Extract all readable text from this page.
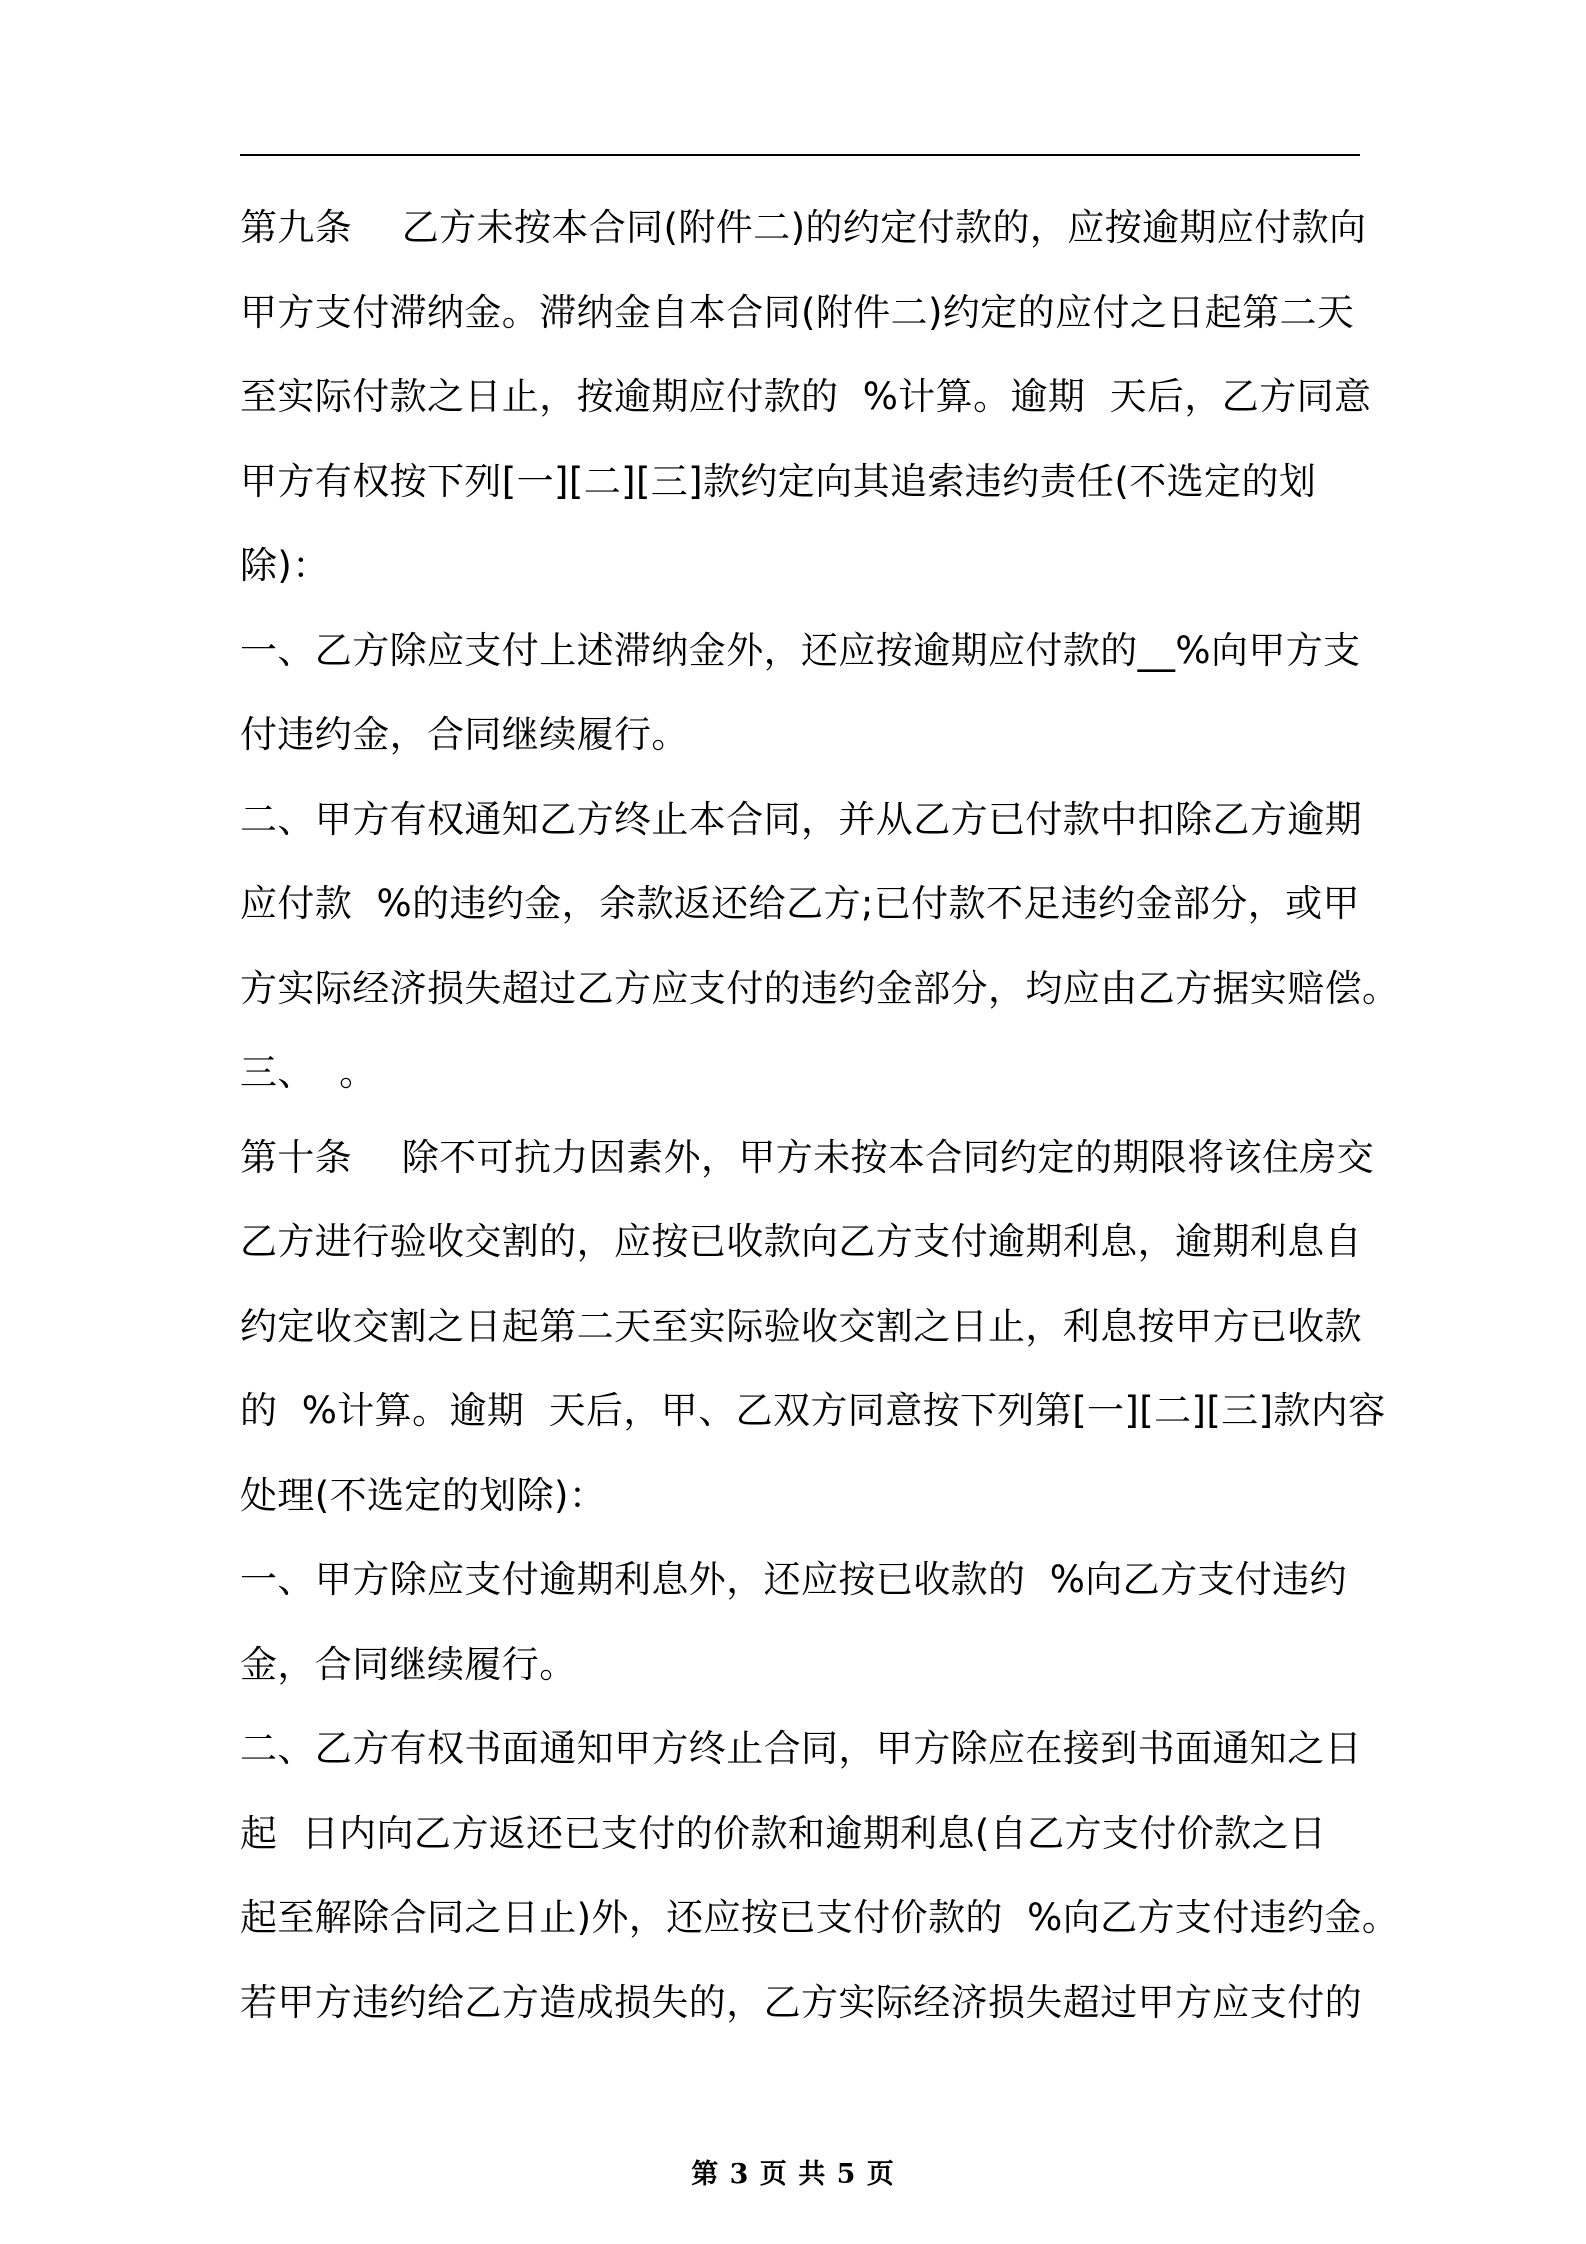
第九条　 乙方未按本合同(附件二)的约定付款的，应按逾期应付款向
甲方支付滞纳金。滞纳金自本合同(附件二)约定的应付之日起第二天
至实际付款之日止，按逾期应付款的  %计算。逾期  天后，乙方同意
甲方有权按下列[一][二][三]款约定向其追索违约责任(不选定的划
除)：
一、乙方除应支付上述滞纳金外，还应按逾期应付款的__%向甲方支
付违约金，合同继续履行。
二、甲方有权通知乙方终止本合同，并从乙方已付款中扣除乙方逾期
应付款  %的违约金，余款返还给乙方;已付款不足违约金部分，或甲
方实际经济损失超过乙方应支付的违约金部分，均应由乙方据实赔偿。
三、  。
第十条　 除不可抗力因素外，甲方未按本合同约定的期限将该住房交
乙方进行验收交割的，应按已收款向乙方支付逾期利息，逾期利息自
约定收交割之日起第二天至实际验收交割之日止，利息按甲方已收款
的  %计算。逾期  天后，甲、乙双方同意按下列第[一][二][三]款内容
处理(不选定的划除)：
一、甲方除应支付逾期利息外，还应按已收款的  %向乙方支付违约
金，合同继续履行。
二、乙方有权书面通知甲方终止合同，甲方除应在接到书面通知之日
起  日内向乙方返还已支付的价款和逾期利息(自乙方支付价款之日
起至解除合同之日止)外，还应按已支付价款的  %向乙方支付违约金。
若甲方违约给乙方造成损失的，乙方实际经济损失超过甲方应支付的
第 3 页 共 5 页
